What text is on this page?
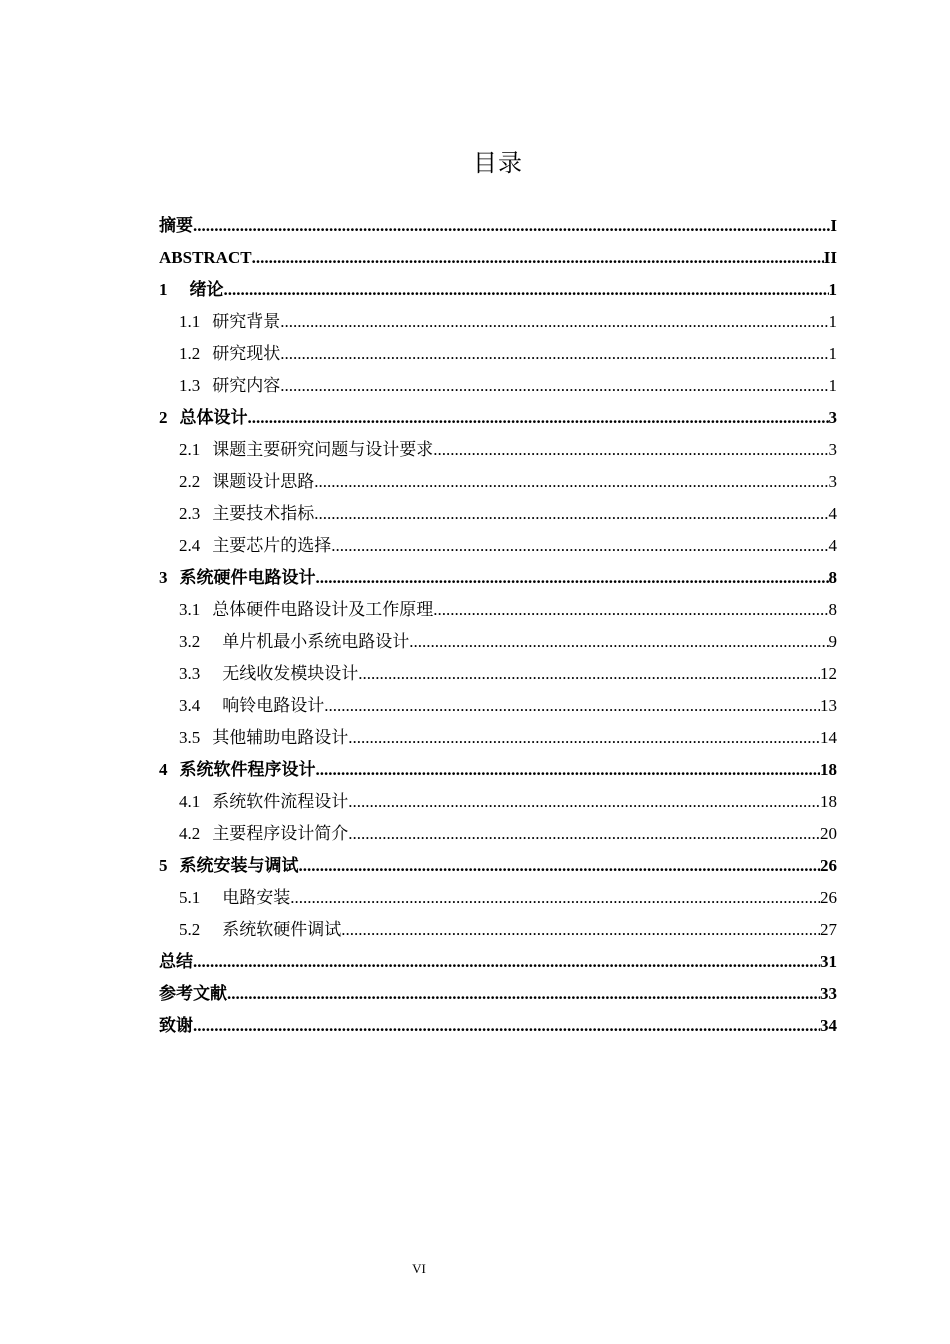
目录
摘要 .....	I
ABSTRACT .....	II
1 绪论 .....	1
1.1 研究背景 .....	1
1.2 研究现状 .....	1
1.3 研究内容 .....	1
2 总体设计 .....	3
2.1 课题主要研究问题与设计要求 .....	3
2.2 课题设计思路 .....	3
2.3 主要技术指标 .....	4
2.4 主要芯片的选择 .....	4
3 系统硬件电路设计 .....	8
3.1 总体硬件电路设计及工作原理 .....	8
3.2 单片机最小系统电路设计 .....	9
3.3 无线收发模块设计 .....	12
3.4 响铃电路设计 .....	13
3.5 其他辅助电路设计 .....	14
4 系统软件程序设计 .....	18
4.1 系统软件流程设计 .....	18
4.2 主要程序设计简介 .....	20
5 系统安装与调试 .....	26
5.1 电路安装 .....	26
5.2 系统软硬件调试 .....	27
总结 .....	31
参考文献 .....	33
致谢 .....	34
VI
